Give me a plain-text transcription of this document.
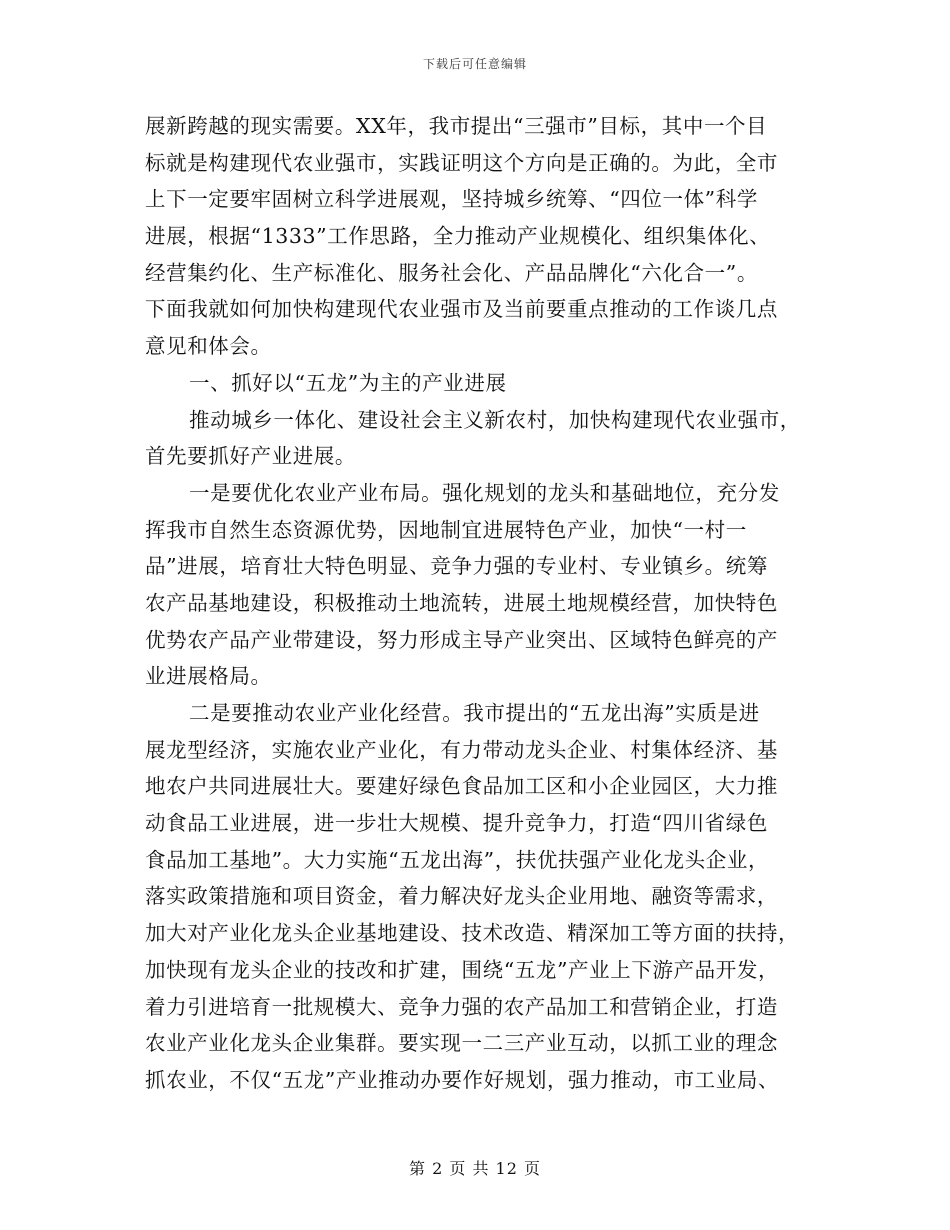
下载后可任意编辑
展新跨越的现实需要。XX年，我市提出“三强市”目标，其中一个目
标就是构建现代农业强市，实践证明这个方向是正确的。为此，全市
上下一定要牢固树立科学进展观，坚持城乡统筹、“四位一体”科学
进展，根据“1333”工作思路，全力推动产业规模化、组织集体化、
经营集约化、生产标准化、服务社会化、产品品牌化“六化合一”。
下面我就如何加快构建现代农业强市及当前要重点推动的工作谈几点
意见和体会。
一、抓好以“五龙”为主的产业进展
推动城乡一体化、建设社会主义新农村，加快构建现代农业强市，
首先要抓好产业进展。
一是要优化农业产业布局。强化规划的龙头和基础地位，充分发
挥我市自然生态资源优势，因地制宜进展特色产业，加快“一村一
品”进展，培育壮大特色明显、竞争力强的专业村、专业镇乡。统筹
农产品基地建设，积极推动土地流转，进展土地规模经营，加快特色
优势农产品产业带建设，努力形成主导产业突出、区域特色鲜亮的产
业进展格局。
二是要推动农业产业化经营。我市提出的“五龙出海”实质是进
展龙型经济，实施农业产业化，有力带动龙头企业、村集体经济、基
地农户共同进展壮大。要建好绿色食品加工区和小企业园区，大力推
动食品工业进展，进一步壮大规模、提升竞争力，打造“四川省绿色
食品加工基地”。大力实施“五龙出海”，扶优扶强产业化龙头企业，
落实政策措施和项目资金，着力解决好龙头企业用地、融资等需求，
加大对产业化龙头企业基地建设、技术改造、精深加工等方面的扶持，
加快现有龙头企业的技改和扩建，围绕“五龙”产业上下游产品开发，
着力引进培育一批规模大、竞争力强的农产品加工和营销企业，打造
农业产业化龙头企业集群。要实现一二三产业互动，以抓工业的理念
抓农业，不仅“五龙”产业推动办要作好规划，强力推动，市工业局、
第 2 页 共 12 页
